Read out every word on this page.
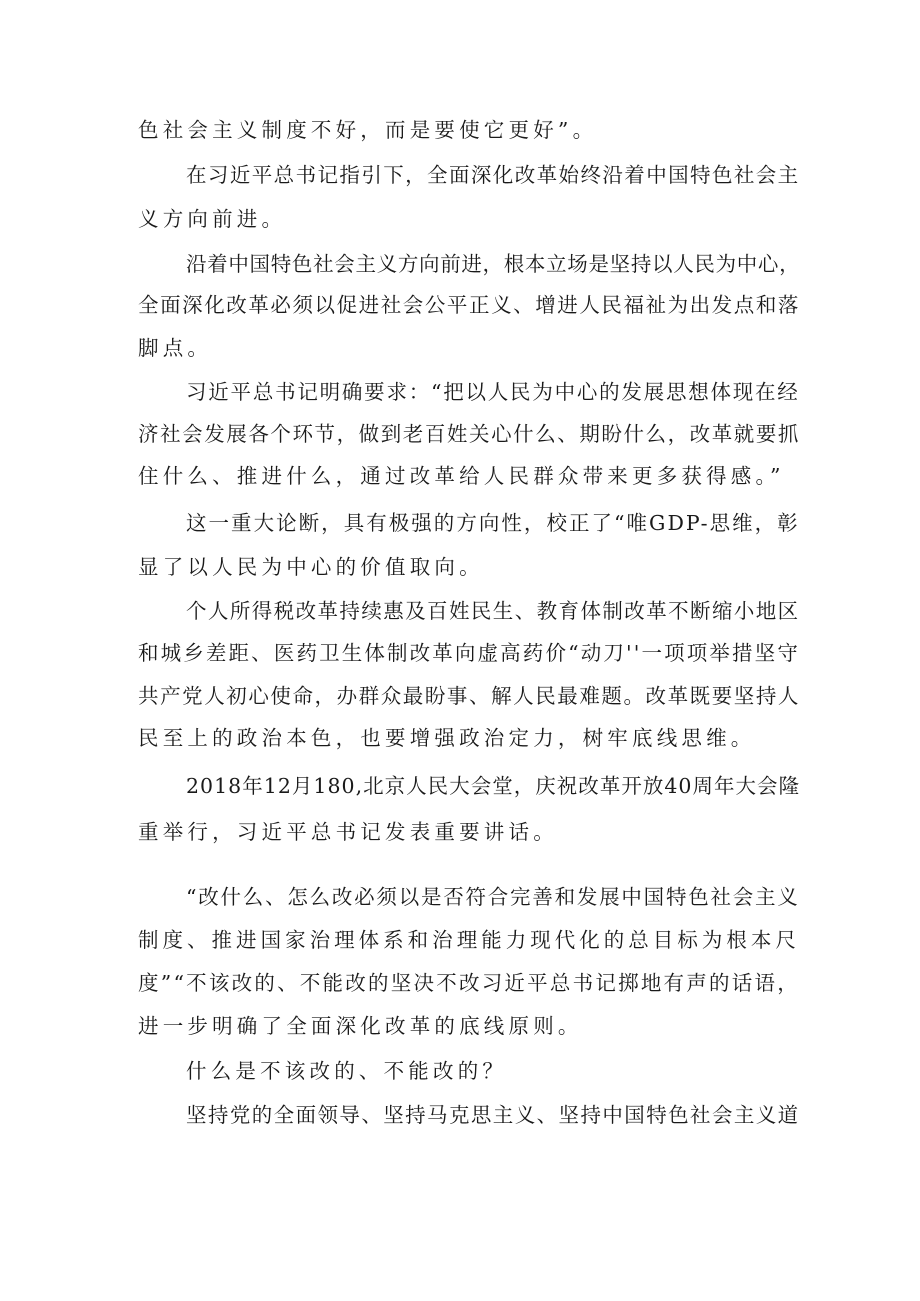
色社会主义制度不好，而是要使它更好”。
在习近平总书记指引下，全面深化改革始终沿着中国特色社会主
义方向前进。
沿着中国特色社会主义方向前进，根本立场是坚持以人民为中心，
全面深化改革必须以促进社会公平正义、增进人民福祉为出发点和落
脚点。
习近平总书记明确要求：“把以人民为中心的发展思想体现在经
济社会发展各个环节，做到老百姓关心什么、期盼什么，改革就要抓
住什么、推进什么，通过改革给人民群众带来更多获得感。”
这一重大论断，具有极强的方向性，校正了“唯GDP-思维，彰
显了以人民为中心的价值取向。
个人所得税改革持续惠及百姓民生、教育体制改革不断缩小地区
和城乡差距、医药卫生体制改革向虚高药价“动刀''一项项举措坚守
共产党人初心使命，办群众最盼事、解人民最难题。改革既要坚持人
民至上的政治本色，也要增强政治定力，树牢底线思维。
2018年12月180,北京人民大会堂，庆祝改革开放40周年大会隆
重举行，习近平总书记发表重要讲话。
“改什么、怎么改必须以是否符合完善和发展中国特色社会主义
制度、推进国家治理体系和治理能力现代化的总目标为根本尺
度”“不该改的、不能改的坚决不改习近平总书记掷地有声的话语，
进一步明确了全面深化改革的底线原则。
什么是不该改的、不能改的？
坚持党的全面领导、坚持马克思主义、坚持中国特色社会主义道
